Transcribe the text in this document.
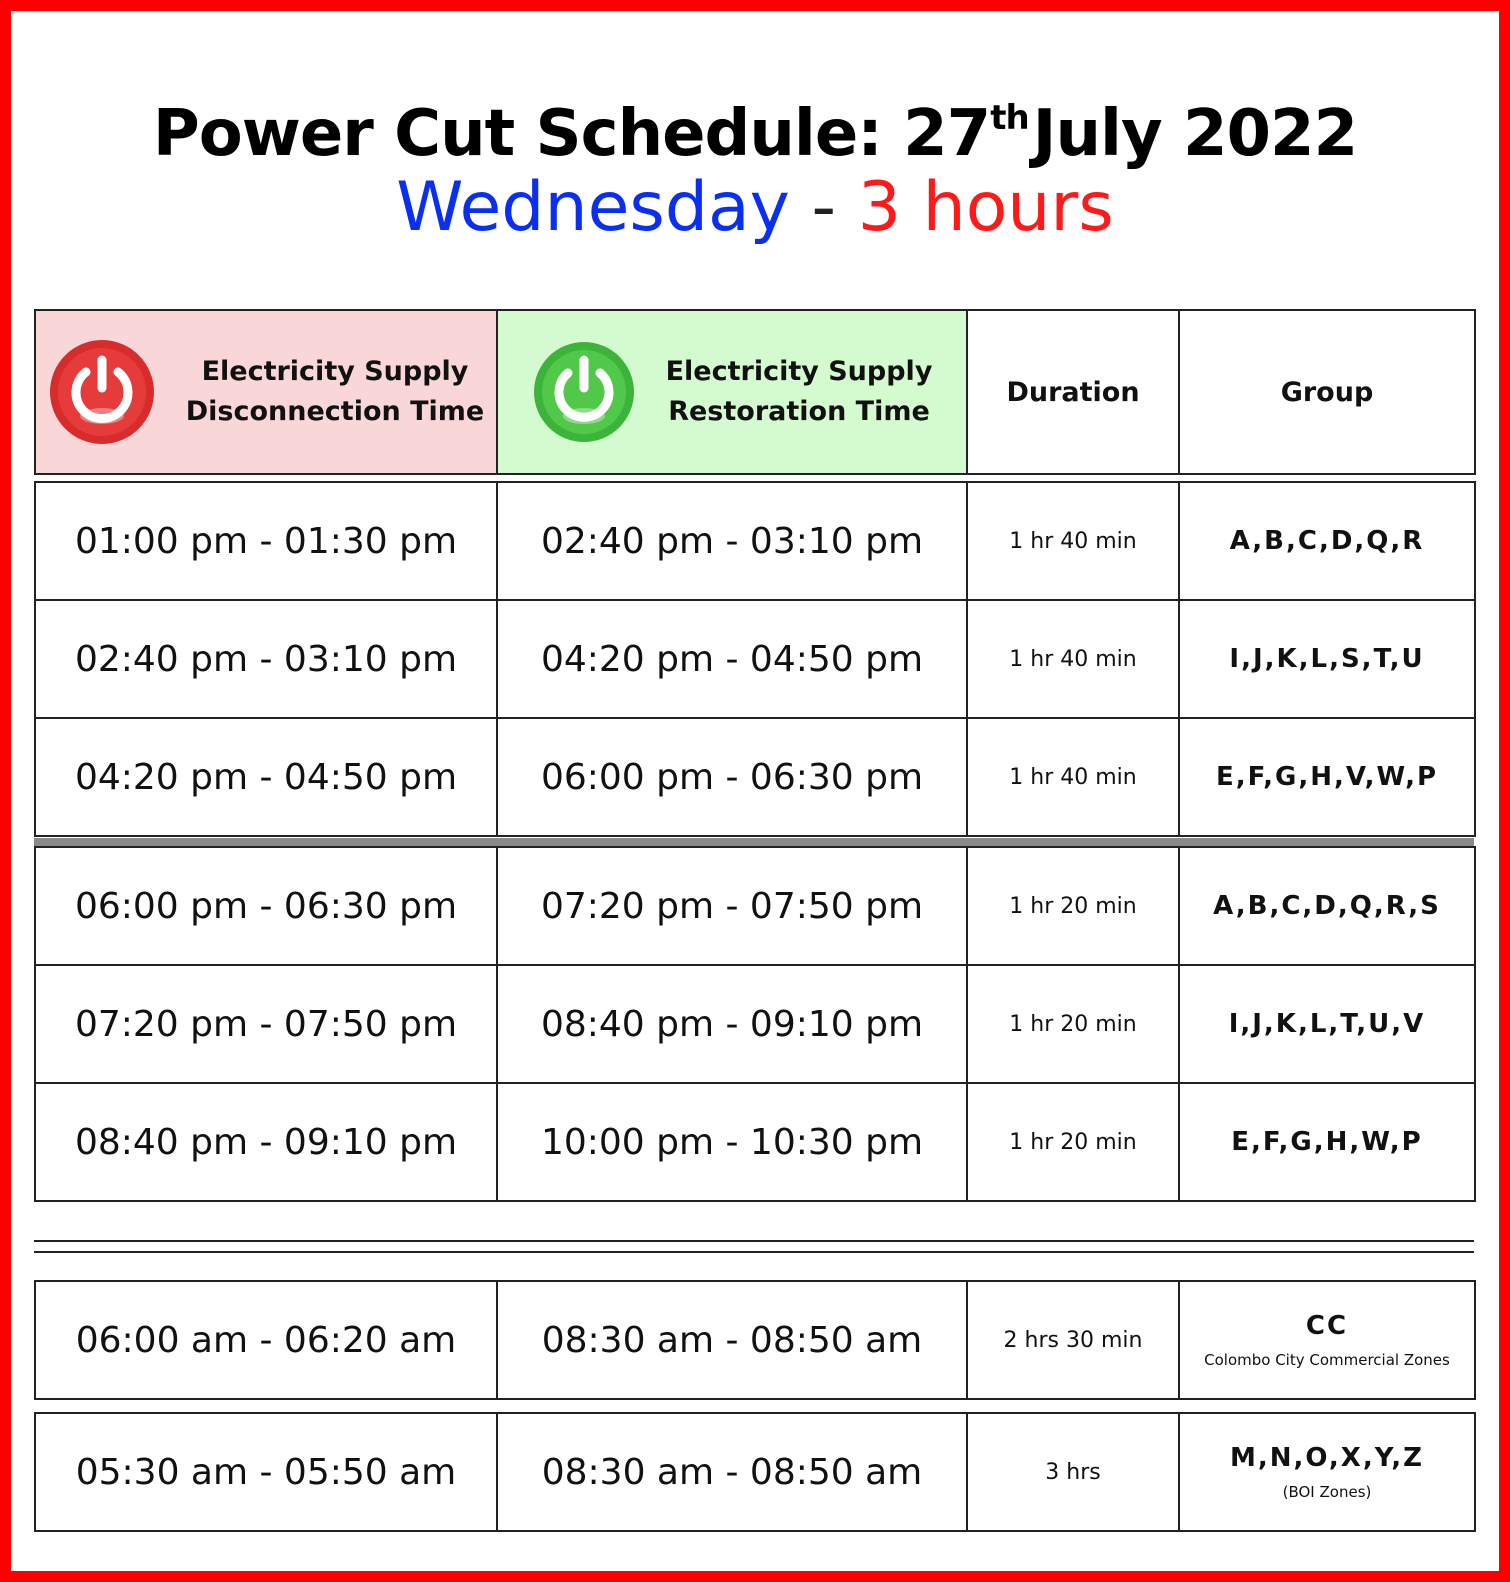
Power Cut Schedule: 27thJuly 2022
Wednesday - 3 hours
Electricity Supply
Disconnection Time

Electricity Supply
Restoration Time
	Duration	Group
01:00 pm - 01:30 pm	02:40 pm - 03:10 pm	1 hr 40 min	A,B,C,D,Q,R
02:40 pm - 03:10 pm	04:20 pm - 04:50 pm	1 hr 40 min	I,J,K,L,S,T,U
04:20 pm - 04:50 pm	06:00 pm - 06:30 pm	1 hr 40 min	E,F,G,H,V,W,P
06:00 pm - 06:30 pm	07:20 pm - 07:50 pm	1 hr 20 min	A,B,C,D,Q,R,S
07:20 pm - 07:50 pm	08:40 pm - 09:10 pm	1 hr 20 min	I,J,K,L,T,U,V
08:40 pm - 09:10 pm	10:00 pm - 10:30 pm	1 hr 20 min	E,F,G,H,W,P
06:00 am - 06:20 am	08:30 am - 08:50 am	2 hrs 30 min	CC
Colombo City Commercial Zones
05:30 am - 05:50 am	08:30 am - 08:50 am	3 hrs	M,N,O,X,Y,Z
(BOI Zones)
